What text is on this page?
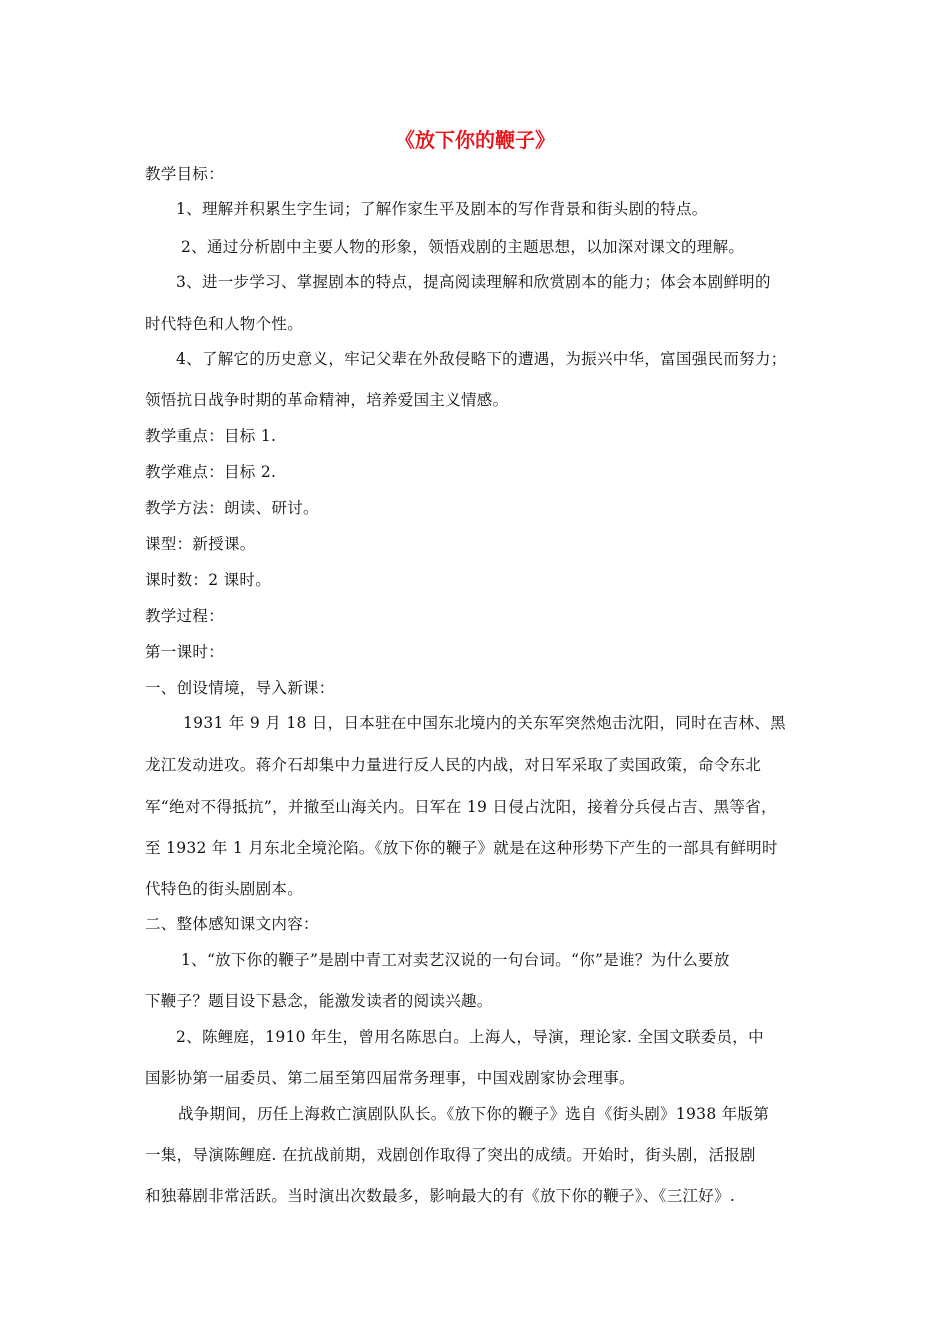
《放下你的鞭子》

教学目标：

1、理解并积累生字生词；了解作家生平及剧本的写作背景和街头剧的特点。

2、通过分析剧中主要人物的形象，领悟戏剧的主题思想，以加深对课文的理解。

3、进一步学习、掌握剧本的特点，提高阅读理解和欣赏剧本的能力；体会本剧鲜明的

时代特色和人物个性。

4、了解它的历史意义，牢记父辈在外敌侵略下的遭遇，为振兴中华，富国强民而努力；

领悟抗日战争时期的革命精神，培养爱国主义情感。

教学重点：目标 1.

教学难点：目标 2.

教学方法：朗读、研讨。

课型：新授课。

课时数：2 课时。

教学过程：

第一课时：

一、创设情境，导入新课：

1931 年 9 月 18 日，日本驻在中国东北境内的关东军突然炮击沈阳，同时在吉林、黑

龙江发动进攻。蒋介石却集中力量进行反人民的内战，对日军采取了卖国政策，命令东北

军“绝对不得抵抗”，并撤至山海关内。日军在 19 日侵占沈阳，接着分兵侵占吉、黑等省，

至 1932 年 1 月东北全境沦陷。《放下你的鞭子》就是在这种形势下产生的一部具有鲜明时

代特色的街头剧剧本。

二、整体感知课文内容：

1、“放下你的鞭子”是剧中青工对卖艺汉说的一句台词。“你”是谁？为什么要放

下鞭子？题目设下悬念，能激发读者的阅读兴趣。

2、陈鲤庭，1910 年生，曾用名陈思白。上海人，导演，理论家. 全国文联委员，中

国影协第一届委员、第二届至第四届常务理事，中国戏剧家协会理事。

战争期间，历任上海救亡演剧队队长。《放下你的鞭子》选自《街头剧》1938 年版第

一集，导演陈鲤庭. 在抗战前期，戏剧创作取得了突出的成绩。开始时，街头剧，活报剧

和独幕剧非常活跃。当时演出次数最多，影响最大的有《放下你的鞭子》、《三江好》.
